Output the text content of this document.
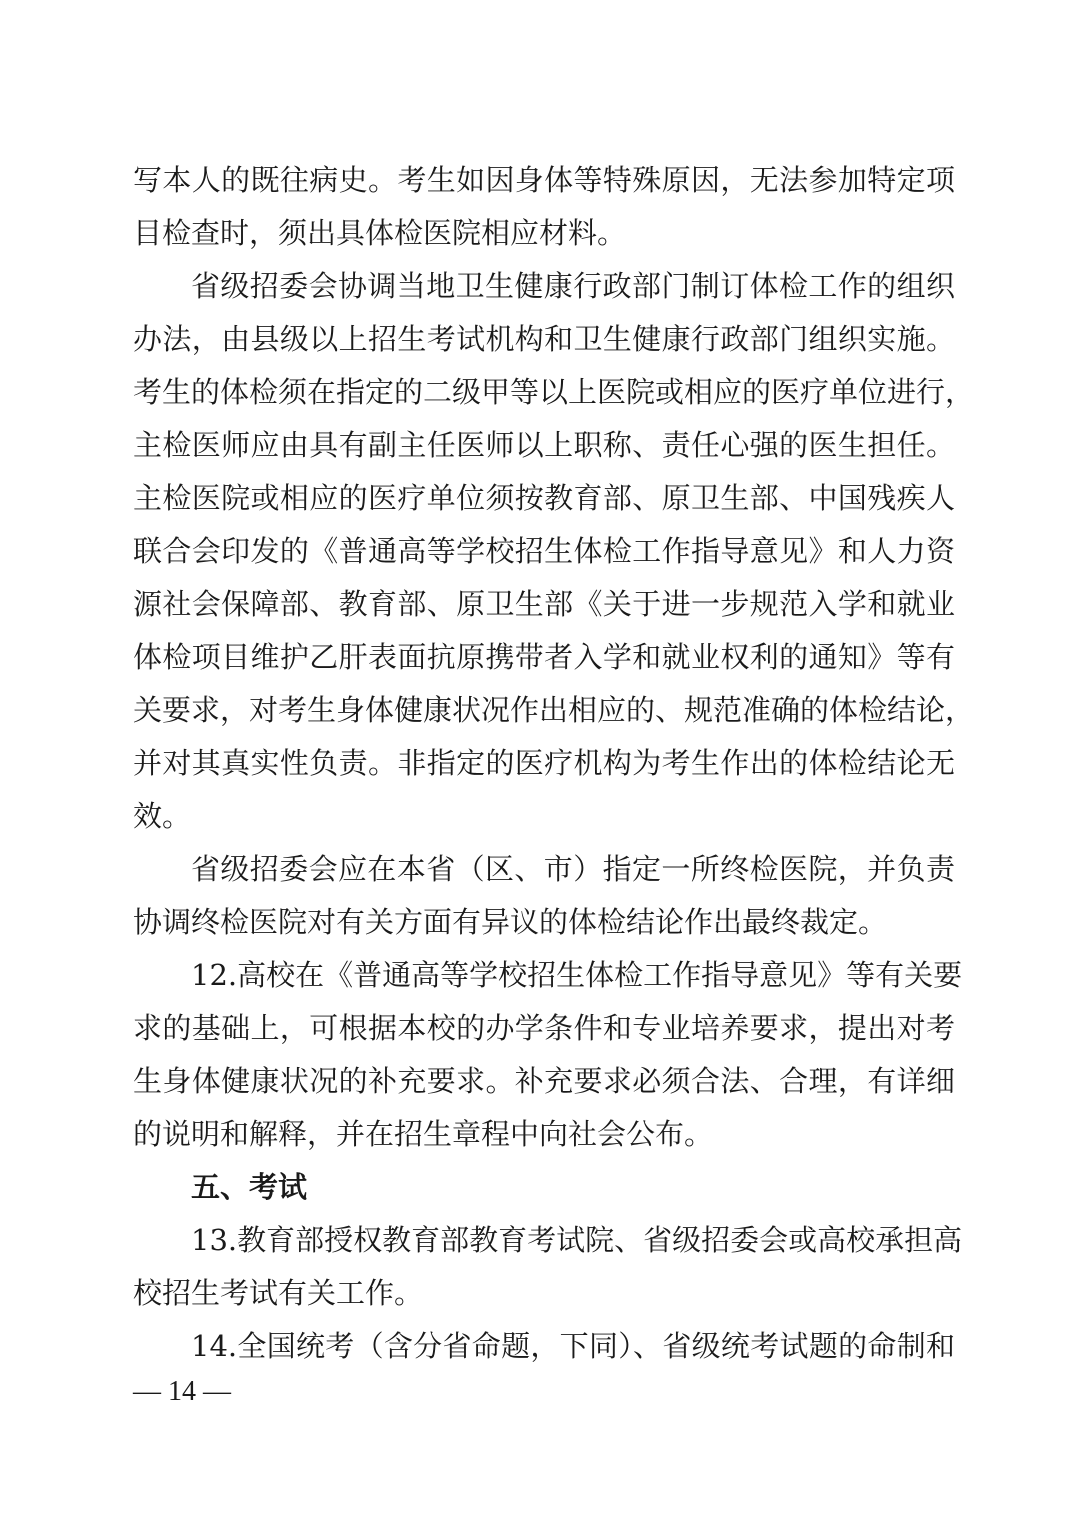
写本人的既往病史。考生如因身体等特殊原因，无法参加特定项
目检查时，须出具体检医院相应材料。
省级招委会协调当地卫生健康行政部门制订体检工作的组织
办法，由县级以上招生考试机构和卫生健康行政部门组织实施。
考生的体检须在指定的二级甲等以上医院或相应的医疗单位进行，
主检医师应由具有副主任医师以上职称、责任心强的医生担任。
主检医院或相应的医疗单位须按教育部、原卫生部、中国残疾人
联合会印发的《普通高等学校招生体检工作指导意见》和人力资
源社会保障部、教育部、原卫生部《关于进一步规范入学和就业
体检项目维护乙肝表面抗原携带者入学和就业权利的通知》等有
关要求，对考生身体健康状况作出相应的、规范准确的体检结论，
并对其真实性负责。非指定的医疗机构为考生作出的体检结论无
效。
省级招委会应在本省（区、市）指定一所终检医院，并负责
协调终检医院对有关方面有异议的体检结论作出最终裁定。
12.高校在《普通高等学校招生体检工作指导意见》等有关要
求的基础上，可根据本校的办学条件和专业培养要求，提出对考
生身体健康状况的补充要求。补充要求必须合法、合理，有详细
的说明和解释，并在招生章程中向社会公布。
五、考试
13.教育部授权教育部教育考试院、省级招委会或高校承担高
校招生考试有关工作。
14.全国统考（含分省命题，下同）、省级统考试题的命制和
— 14 —
